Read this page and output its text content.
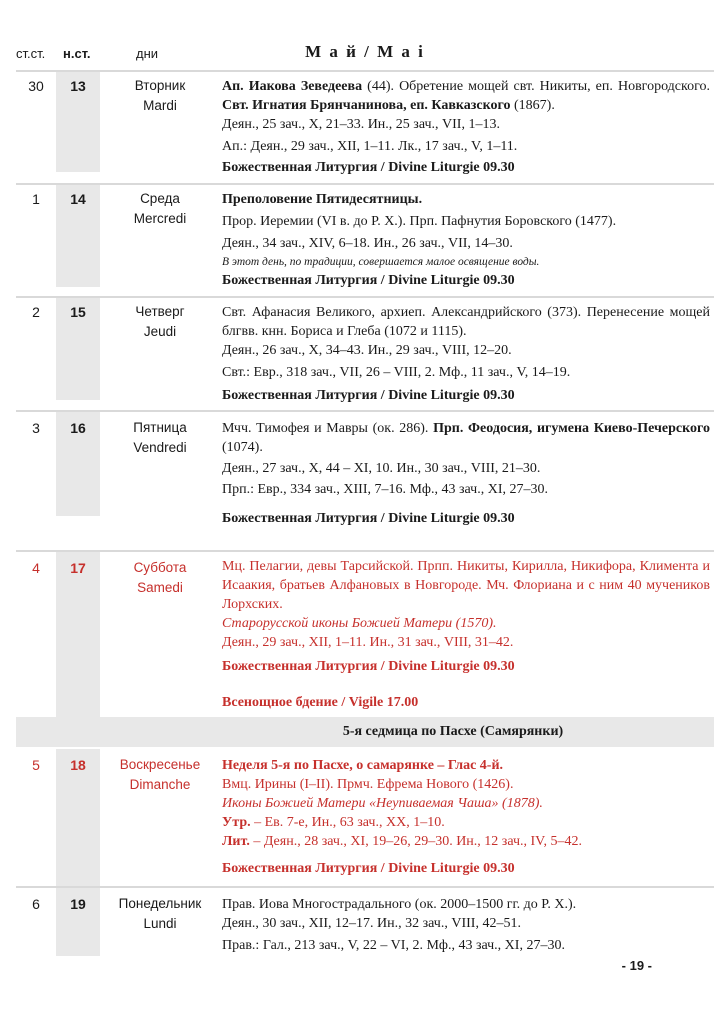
ст.ст. н.ст.	дни	М а й / M a i
30	13	Вторник
Mardi

Ап. Иакова Зеведеева (44). Обретение мощей свт. Никиты, еп. Новгородского. Свт. Игнатия Брянчанинова, еп. Кавказского (1867).

Деян., 25 зач., X, 21–33. Ин., 25 зач., VII, 1–13.

Ап.: Деян., 29 зач., XII, 1–11. Лк., 17 зач., V, 1–11.

Божественная Литургия / Divine Liturgie 09.30
1	14	Среда
Mercredi

Преполовение Пятидесятницы.

Прор. Иеремии (VI в. до Р. Х.). Прп. Пафнутия Боровского (1477).

Деян., 34 зач., XIV, 6–18. Ин., 26 зач., VII, 14–30.

В этот день, по традиции, совершается малое освящение воды.

Божественная Литургия / Divine Liturgie 09.30
2	15	Четверг
Jeudi

Свт. Афанасия Великого, архиеп. Александрийского (373). Перенесение мощей блгвв. кнн. Бориса и Глеба (1072 и 1115).

Деян., 26 зач., X, 34–43. Ин., 29 зач., VIII, 12–20.

Свт.: Евр., 318 зач., VII, 26 – VIII, 2. Мф., 11 зач., V, 14–19.

Божественная Литургия / Divine Liturgie 09.30
3	16	Пятница
Vendredi

Мчч. Тимофея и Мавры (ок. 286). Прп. Феодосия, игумена Киево-Печерского (1074).

Деян., 27 зач., X, 44 – XI, 10. Ин., 30 зач., VIII, 21–30.

Прп.: Евр., 334 зач., XIII, 7–16. Мф., 43 зач., XI, 27–30.

Божественная Литургия / Divine Liturgie 09.30
4	17	Суббота
Samedi

Мц. Пелагии, девы Тарсийской. Прпп. Никиты, Кирилла, Никифора, Климента и Исаакия, братьев Алфановых в Новгороде. Мч. Флориана и с ним 40 мучеников Лорхских.

Старорусской иконы Божией Матери (1570).

Деян., 29 зач., XII, 1–11. Ин., 31 зач., VIII, 31–42.

Божественная Литургия / Divine Liturgie 09.30
Всенощное бдение / Vigile 17.00
5-я седмица по Пасхе (Самярянки)
5	18	Воскресенье
Dimanche

Неделя 5-я по Пасхе, о самарянке – Глас 4-й.

Вмц. Ирины (I–II). Прмч. Ефрема Нового (1426).

Иконы Божией Матери «Неупиваемая Чаша» (1878).

Утр. – Ев. 7-е, Ин., 63 зач., XX, 1–10.

Лит. – Деян., 28 зач., XI, 19–26, 29–30. Ин., 12 зач., IV, 5–42.

Божественная Литургия / Divine Liturgie 09.30
6	19	Понедельник
Lundi

Прав. Иова Многострадального (ок. 2000–1500 гг. до Р. Х.).

Деян., 30 зач., XII, 12–17. Ин., 32 зач., VIII, 42–51.

Прав.: Гал., 213 зач., V, 22 – VI, 2. Мф., 43 зач., XI, 27–30.

- 19 -
